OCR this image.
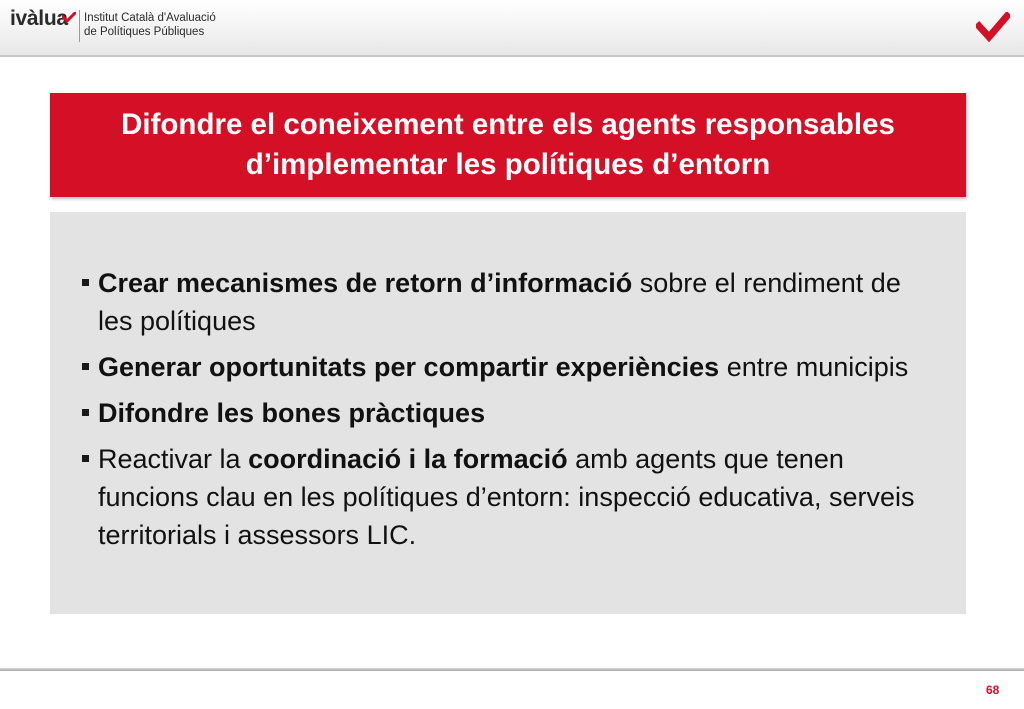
ivàlua Institut Català d'Avaluació
de Polítiques Públiques
Difondre el coneixement entre els agents responsables d’implementar les polítiques d’entorn
Crear mecanismes de retorn d’informació sobre el rendiment de les polítiques
Generar oportunitats per compartir experiències entre municipis
Difondre les bones pràctiques
Reactivar la coordinació i la formació amb agents que tenen funcions clau en les polítiques d’entorn: inspecció educativa, serveis territorials i assessors LIC.
68
